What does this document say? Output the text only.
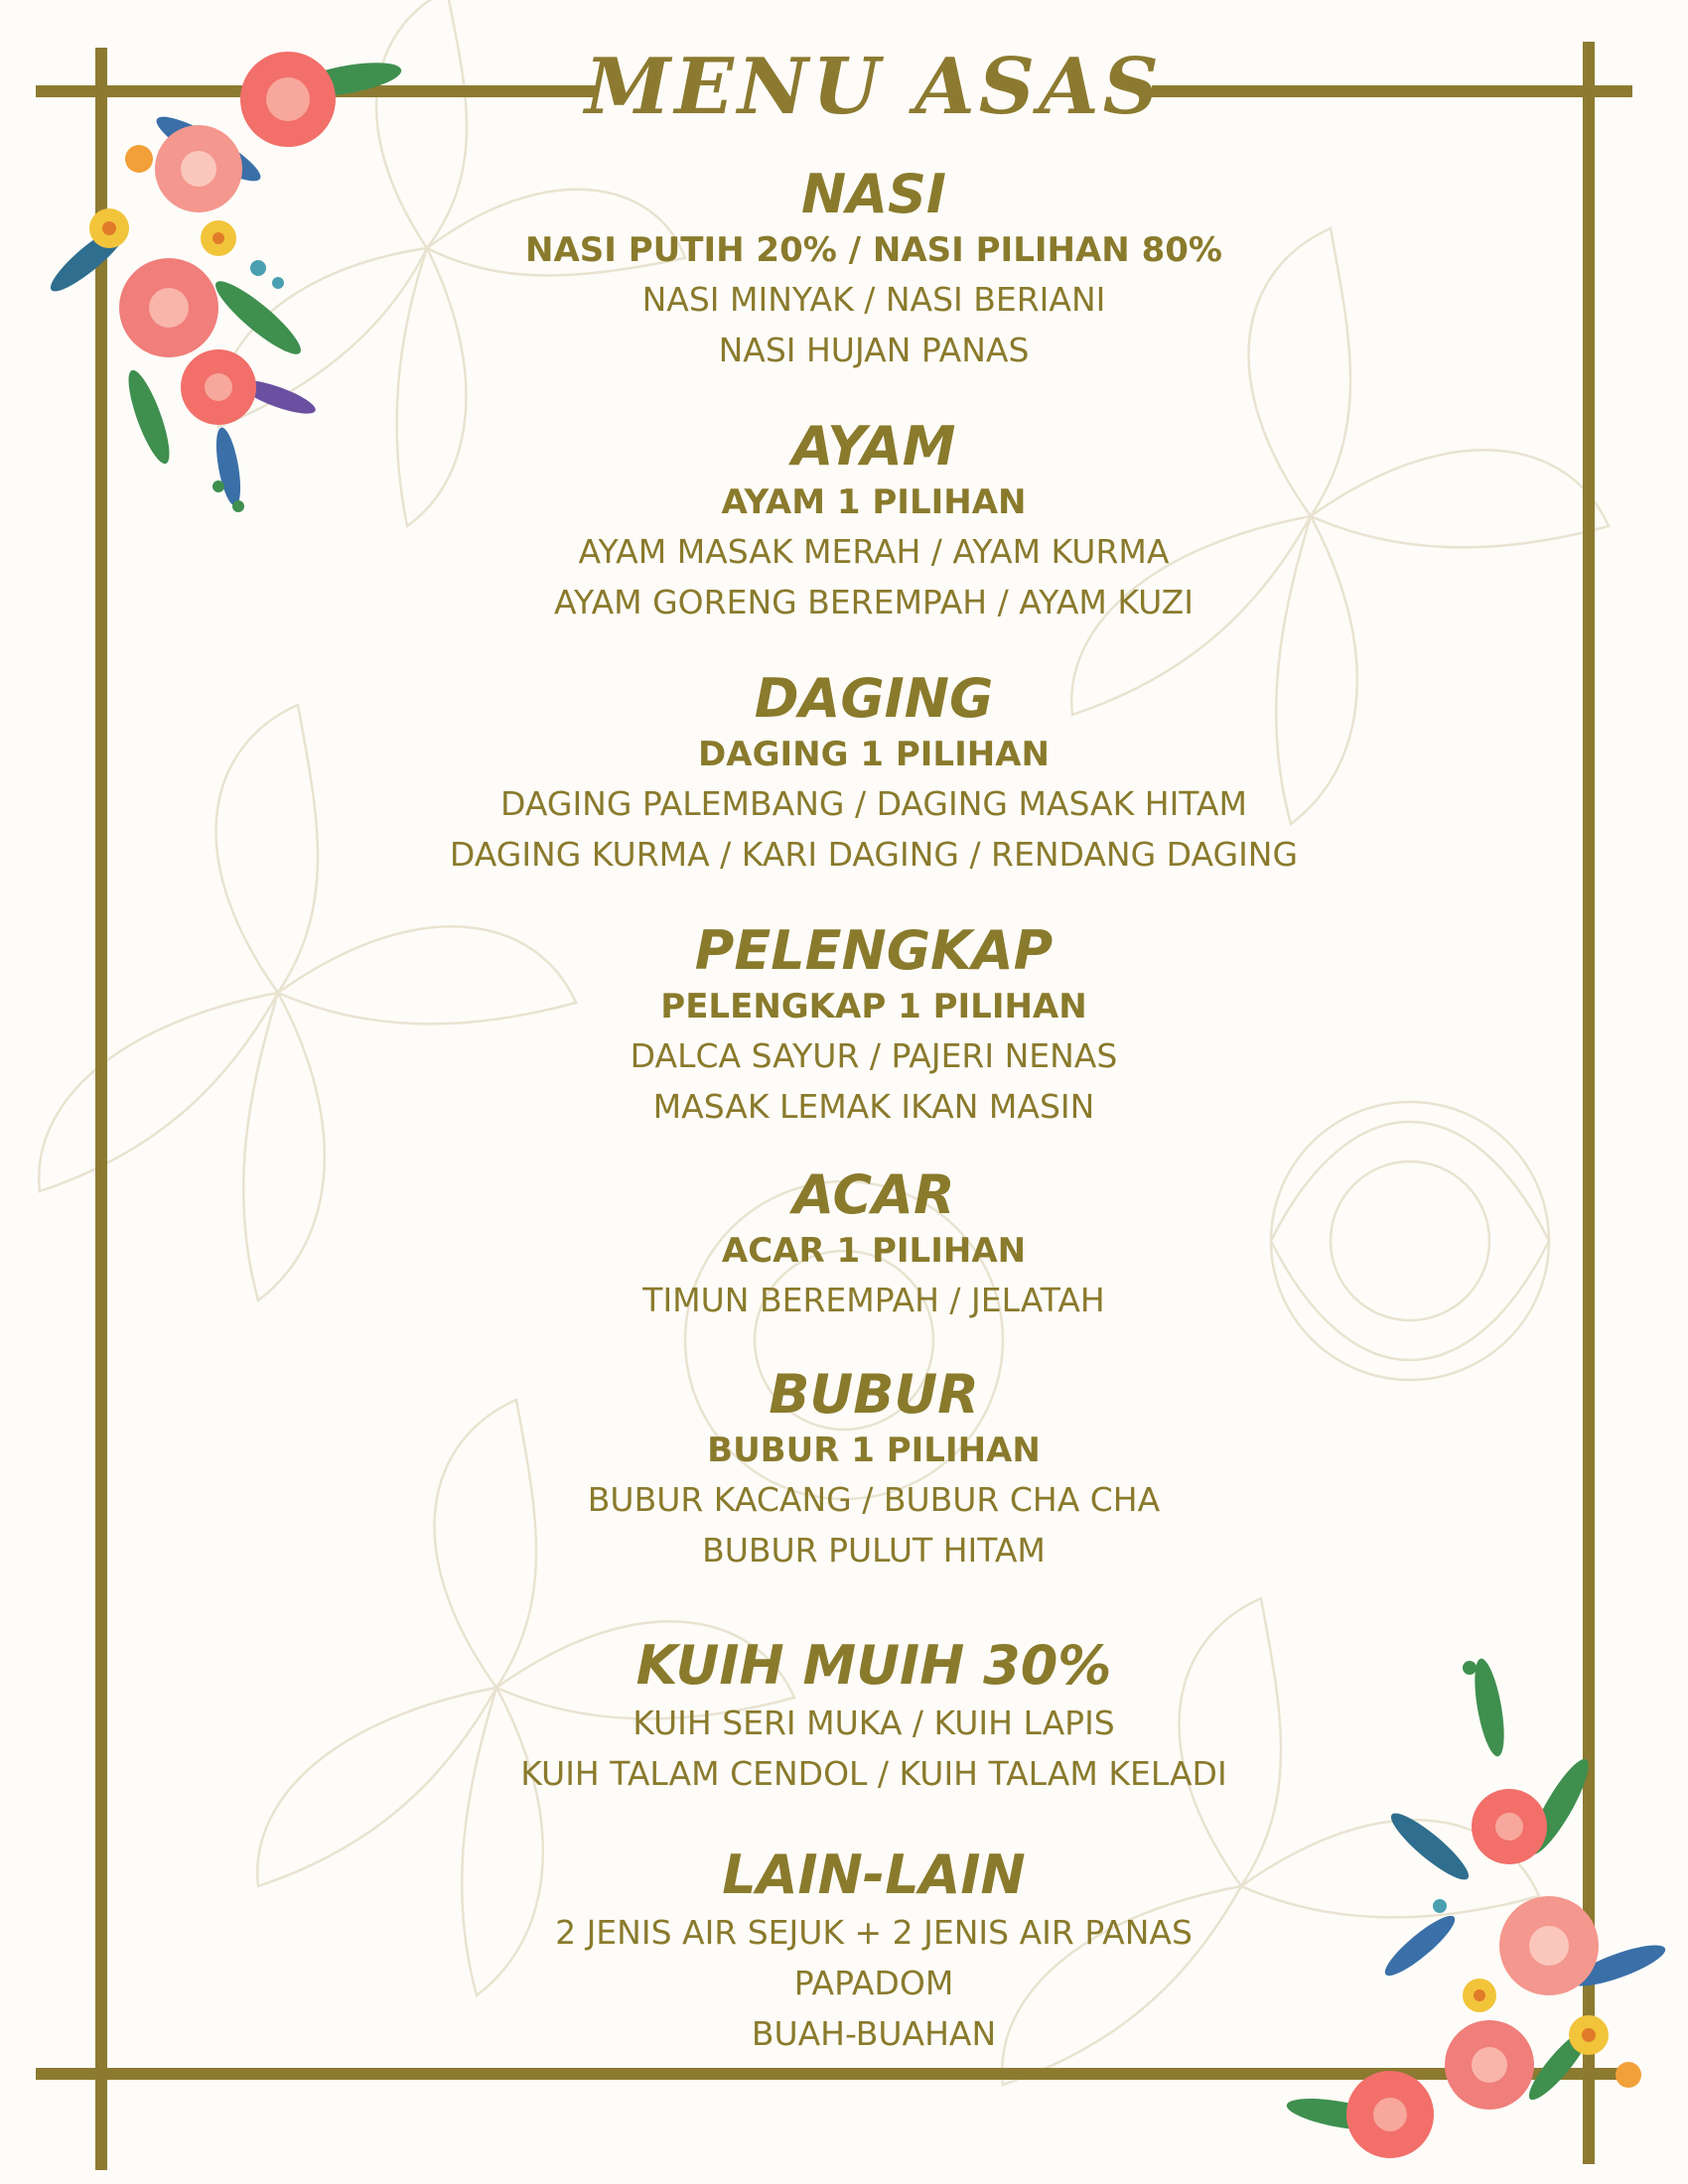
MENU ASAS
NASI
NASI PUTIH 20% / NASI PILIHAN 80%
NASI MINYAK / NASI BERIANI
NASI HUJAN PANAS
AYAM
AYAM 1 PILIHAN
AYAM MASAK MERAH / AYAM KURMA
AYAM GORENG BEREMPAH / AYAM KUZI
DAGING
DAGING 1 PILIHAN
DAGING PALEMBANG / DAGING MASAK HITAM
DAGING KURMA / KARI DAGING / RENDANG DAGING
PELENGKAP
PELENGKAP 1 PILIHAN
DALCA SAYUR / PAJERI NENAS
MASAK LEMAK IKAN MASIN
ACAR
ACAR 1 PILIHAN
TIMUN BEREMPAH / JELATAH
BUBUR
BUBUR 1 PILIHAN
BUBUR KACANG / BUBUR CHA CHA
BUBUR PULUT HITAM
KUIH MUIH 30%
KUIH SERI MUKA / KUIH LAPIS
KUIH TALAM CENDOL / KUIH TALAM KELADI
LAIN-LAIN
2 JENIS AIR SEJUK + 2 JENIS AIR PANAS
PAPADOM
BUAH-BUAHAN
